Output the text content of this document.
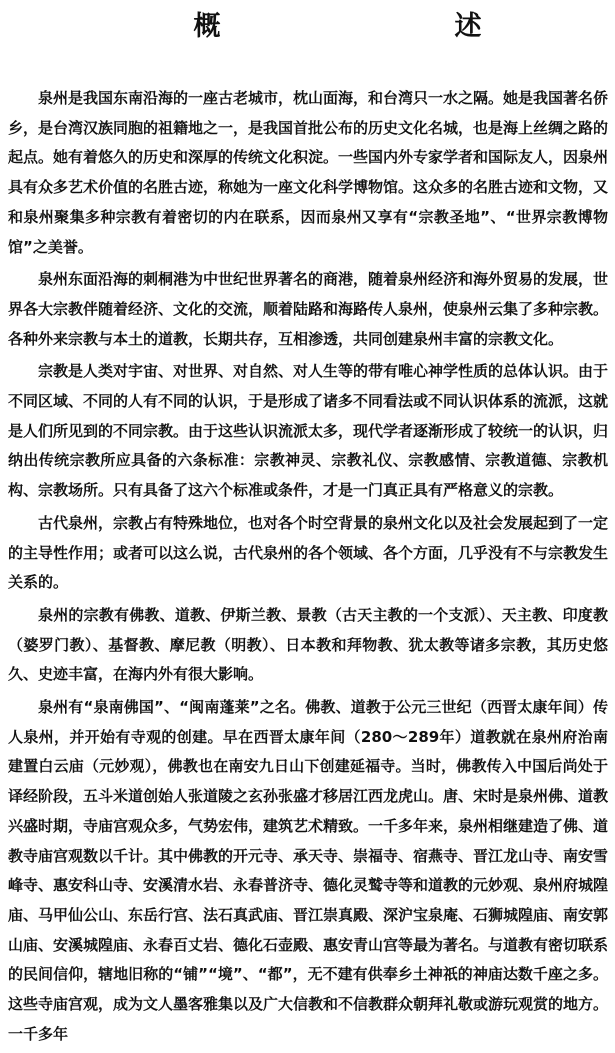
概　　述

泉州是我国东南沿海的一座古老城市，枕山面海，和台湾只一水之隔。她是我国著名侨乡，是台湾汉族同胞的祖籍地之一，是我国首批公布的历史文化名城，也是海上丝绸之路的起点。她有着悠久的历史和深厚的传统文化积淀。一些国内外专家学者和国际友人，因泉州具有众多艺术价值的名胜古迹，称她为一座文化科学博物馆。这众多的名胜古迹和文物，又和泉州聚集多种宗教有着密切的内在联系，因而泉州又享有“宗教圣地”、“世界宗教博物馆”之美誉。

泉州东面沿海的刺桐港为中世纪世界著名的商港，随着泉州经济和海外贸易的发展，世界各大宗教伴随着经济、文化的交流，顺着陆路和海路传人泉州，使泉州云集了多种宗教。各种外来宗教与本土的道教，长期共存，互相渗透，共同创建泉州丰富的宗教文化。

宗教是人类对宇宙、对世界、对自然、对人生等的带有唯心神学性质的总体认识。由于不同区域、不同的人有不同的认识，于是形成了诸多不同看法或不同认识体系的流派，这就是人们所见到的不同宗教。由于这些认识流派太多，现代学者逐渐形成了较统一的认识，归纳出传统宗教所应具备的六条标准：宗教神灵、宗教礼仪、宗教感情、宗教道德、宗教机构、宗教场所。只有具备了这六个标准或条件，才是一门真正具有严格意义的宗教。

古代泉州，宗教占有特殊地位，也对各个时空背景的泉州文化以及社会发展起到了一定的主导性作用；或者可以这么说，古代泉州的各个领域、各个方面，几乎没有不与宗教发生关系的。

泉州的宗教有佛教、道教、伊斯兰教、景教（古天主教的一个支派）、天主教、印度教（婆罗门教）、基督教、摩尼教（明教）、日本教和拜物教、犹太教等诸多宗教，其历史悠久、史迹丰富，在海内外有很大影响。

泉州有“泉南佛国”、“闽南蓬莱”之名。佛教、道教于公元三世纪（西晋太康年间）传人泉州，并开始有寺观的创建。早在西晋太康年间（280～289年）道教就在泉州府治南建置白云庙（元妙观），佛教也在南安九日山下创建延福寺。当时，佛教传入中国后尚处于译经阶段，五斗米道创始人张道陵之玄孙张盛才移居江西龙虎山。唐、宋时是泉州佛、道教兴盛时期，寺庙宫观众多，气势宏伟，建筑艺术精致。一千多年来，泉州相继建造了佛、道教寺庙宫观数以千计。其中佛教的开元寺、承天寺、崇福寺、宿燕寺、晋江龙山寺、南安雪峰寺、惠安科山寺、安溪清水岩、永春普济寺、德化灵鹫寺等和道教的元妙观、泉州府城隍庙、马甲仙公山、东岳行宫、法石真武庙、晋江崇真殿、深沪宝泉庵、石狮城隍庙、南安郭山庙、安溪城隍庙、永春百丈岩、德化石壶殿、惠安青山宫等最为著名。与道教有密切联系的民间信仰，辖地旧称的“铺”“境”、“都”，无不建有供奉乡土神祇的神庙达数千座之多。这些寺庙宫观，成为文人墨客雅集以及广大信教和不信教群众朝拜礼敬或游玩观赏的地方。一千多年
